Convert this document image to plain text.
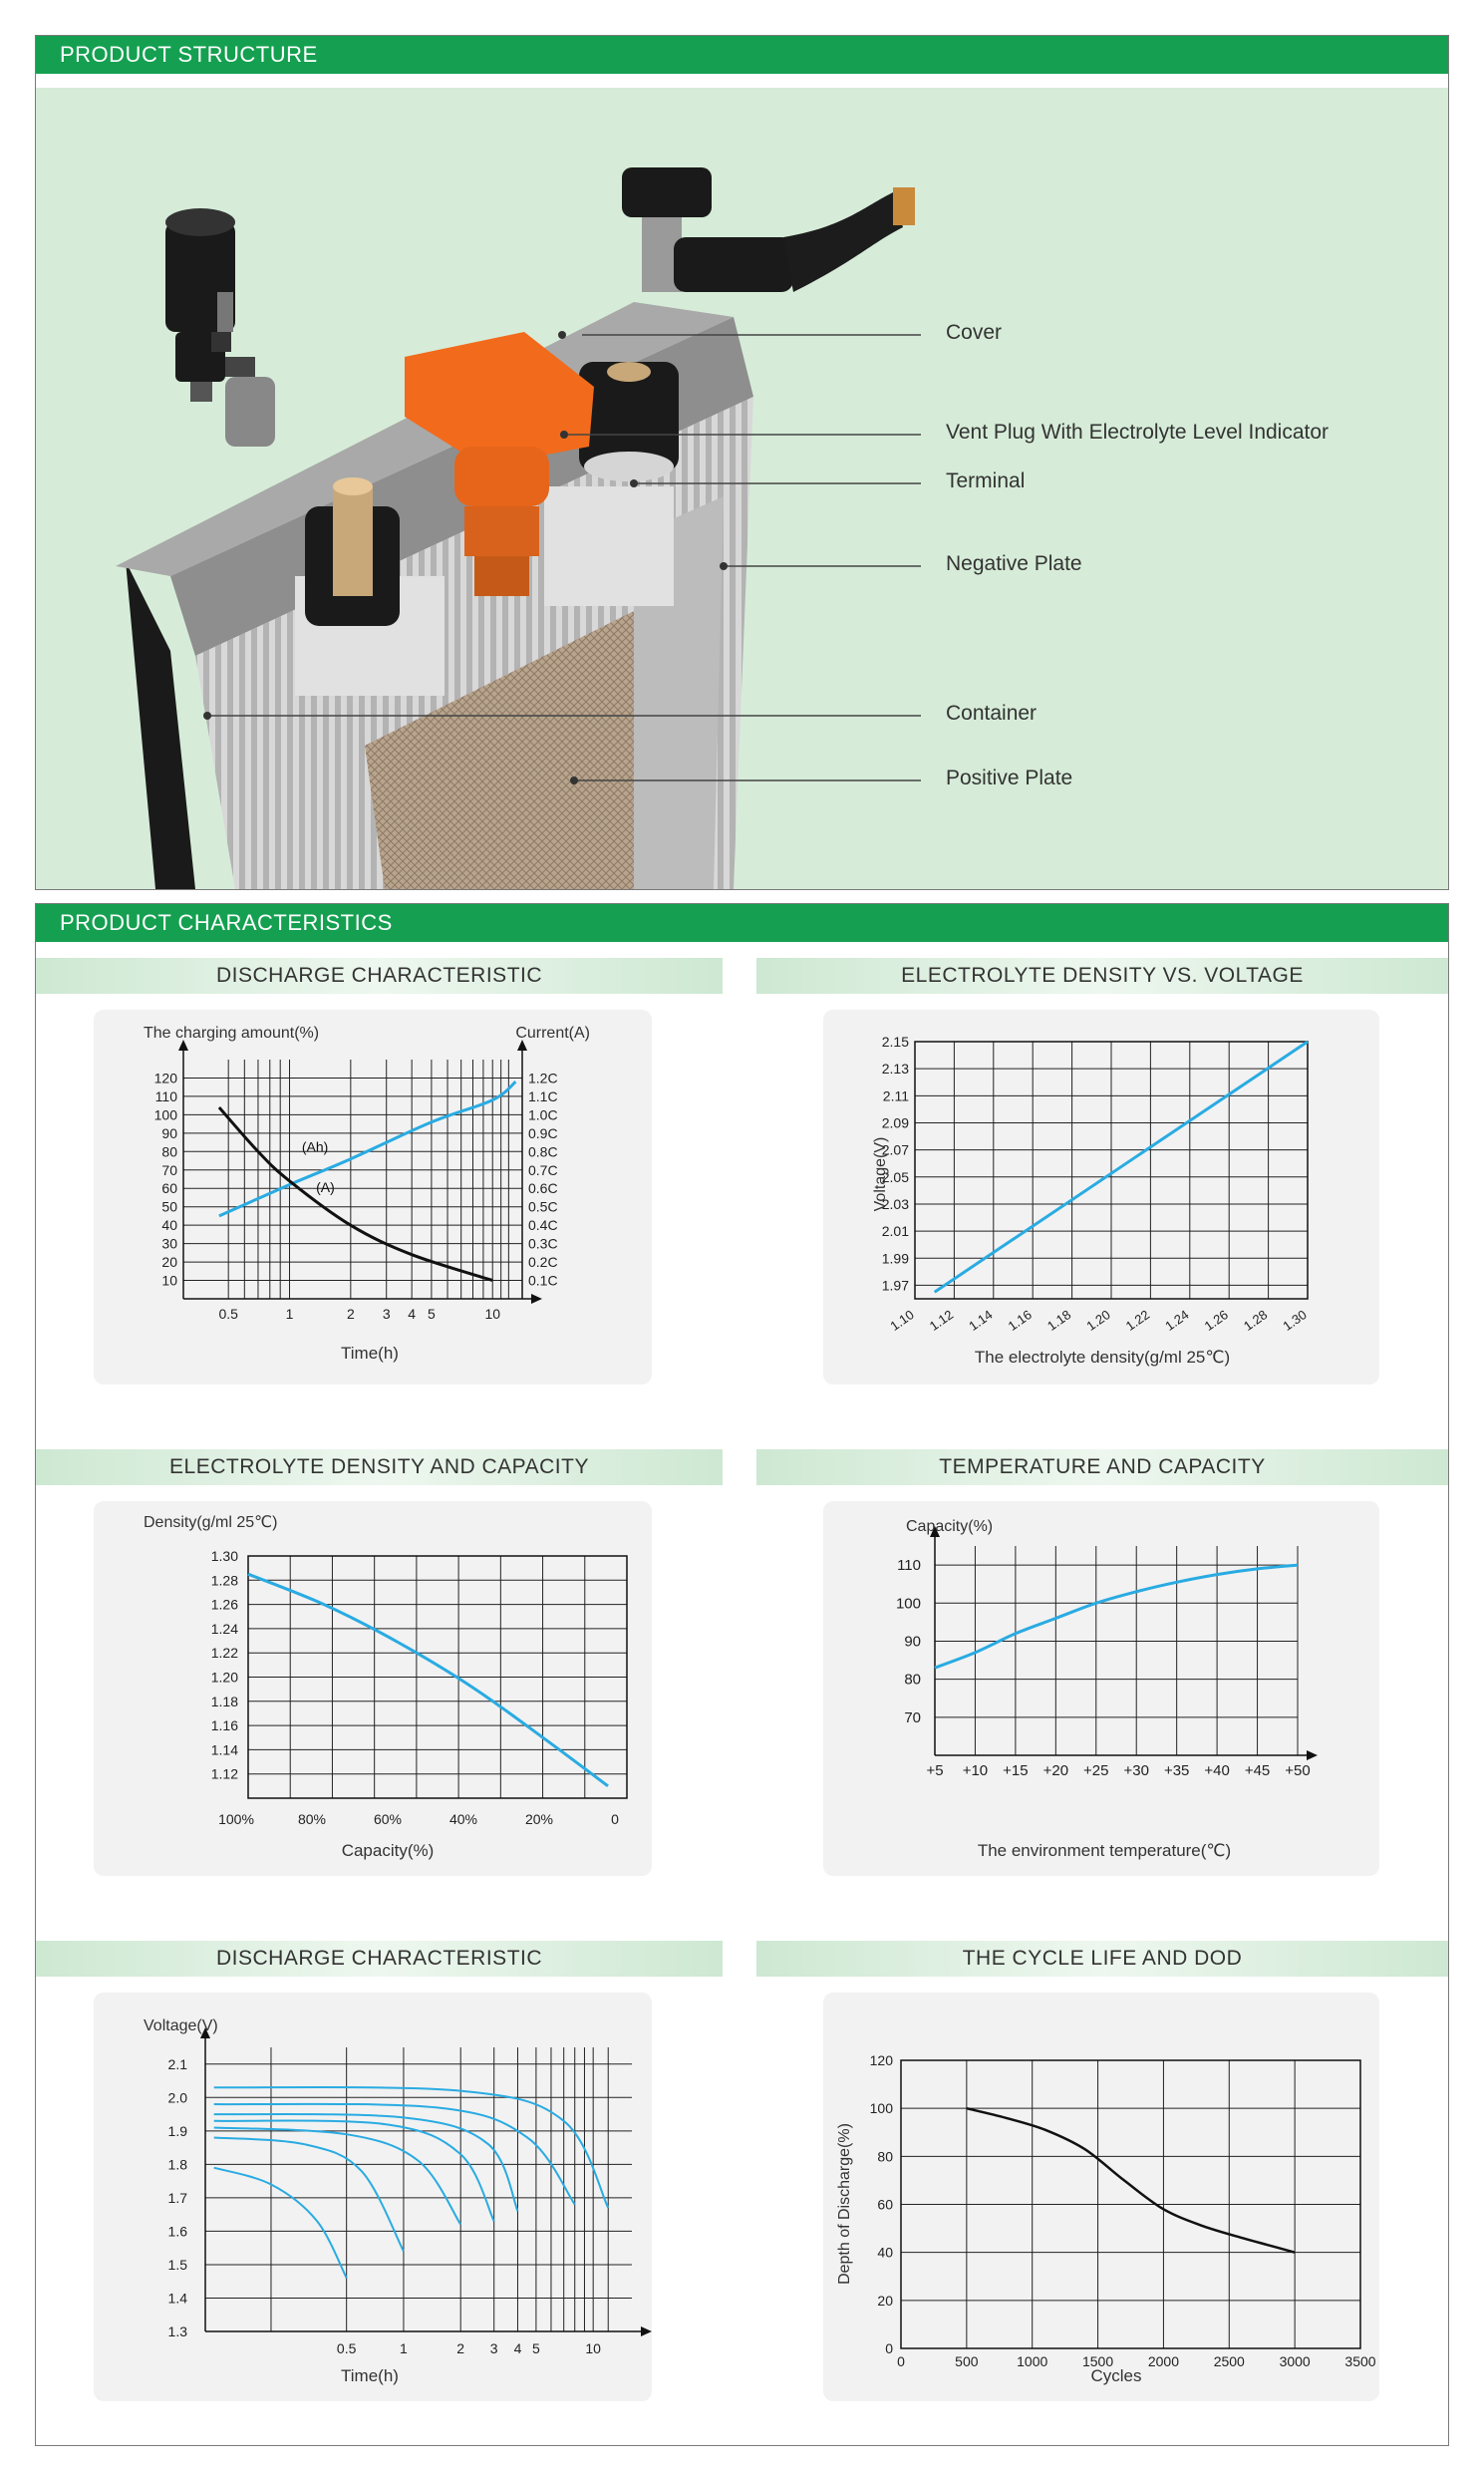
PRODUCT STRUCTURE
Cover
Vent Plug With Electrolyte Level Indicator
Terminal
Negative Plate
Container
Positive Plate
PRODUCT CHARACTERISTICS
DISCHARGE CHARACTERISTIC	ELECTROLYTE DENSITY VS. VOLTAGE
10
20
30
40
50
60
70
80
90
100
110
120
0.1C
0.2C
0.3C
0.4C
0.5C
0.6C
0.7C
0.8C
0.9C
1.0C
1.1C
1.2C
0.5	1	2 3 4 5	10
The charging amount(%)	Current(A)
Time(h)
(Ah)
(A)
1.97
1.99
2.01
2.03
2.05
2.07
2.09
2.11
2.13
2.15
1.10 1.12 1.14 1.16 1.18 1.20 1.22 1.24 1.26 1.28 1.30
Voltage(V)
The electrolyte density(g/ml 25℃)
ELECTROLYTE DENSITY AND CAPACITY	TEMPERATURE AND CAPACITY
1.12
1.14
1.16
1.18
1.20
1.22
1.24
1.26
1.28
1.30
100%	80%	60%	40%	20%	0
Density(g/ml 25℃)
Capacity(%)
70
80
90
100
110
+5 +10 +15 +20 +25 +30 +35 +40 +45 +50
Capacity(%)
The environment temperature(℃)
DISCHARGE CHARACTERISTIC	THE CYCLE LIFE AND DOD
1.3
1.4
1.5
1.6
1.7
1.8
1.9
2.0
2.1
0.5	1	2 3 4 5	10
Voltage(V)
Time(h)
0
20
40
60
80
100
120
0	500	1000 1500 2000 2500 3000 3500
Depth of Discharge(%)
Cycles
